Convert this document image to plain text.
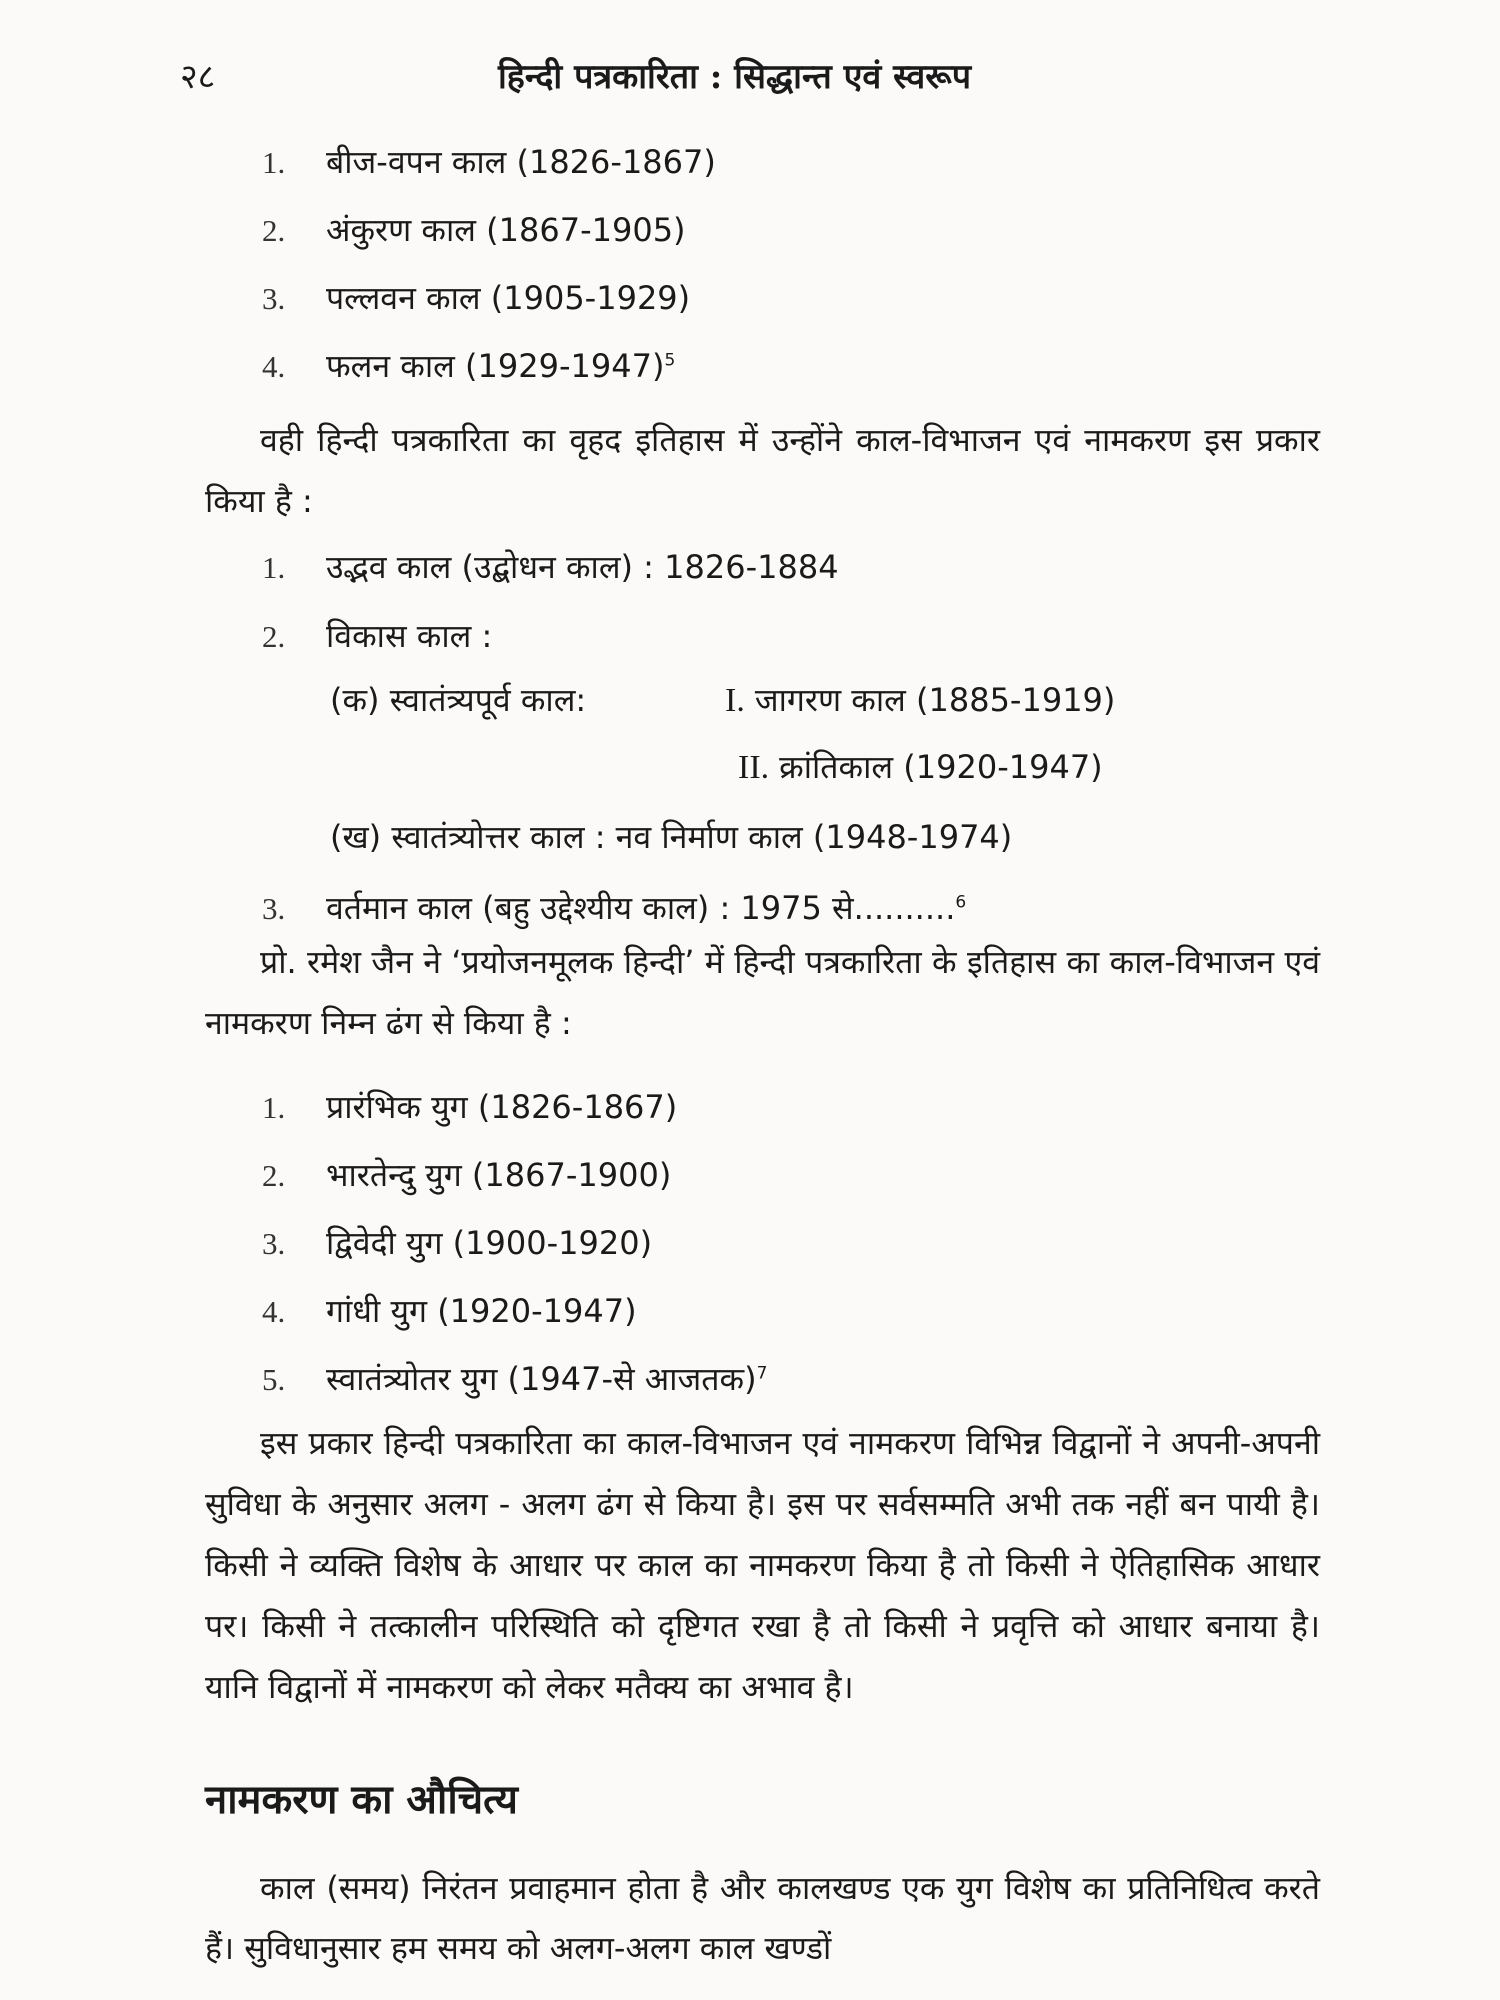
२८	हिन्दी पत्रकारिता : सिद्धान्त एवं स्वरूप
1. बीज-वपन काल (1826-1867)
2. अंकुरण काल (1867-1905)
3. पल्लवन काल (1905-1929)
4. फलन काल (1929-1947)$^5$
वही हिन्दी पत्रकारिता का वृहद इतिहास में उन्होंने काल-विभाजन एवं नामकरण इस प्रकार किया है :
1. उद्भव काल (उद्बोधन काल) : 1826-1884
2. विकास काल :
(क) स्वातंत्र्यपूर्व काल:	I. जागरण काल (1885-1919)
II. क्रांतिकाल (1920-1947)
(ख) स्वातंत्र्योत्तर काल : नव निर्माण काल (1948-1974)
3. वर्तमान काल (बहु उद्देश्यीय काल) : 1975 से..........$^6$
प्रो. रमेश जैन ने ‘प्रयोजनमूलक हिन्दी’ में हिन्दी पत्रकारिता के इतिहास का काल-विभाजन एवं नामकरण निम्न ढंग से किया है :
1. प्रारंभिक युग (1826-1867)
2. भारतेन्दु युग (1867-1900)
3. द्विवेदी युग (1900-1920)
4. गांधी युग (1920-1947)
5. स्वातंत्र्योतर युग (1947-से आजतक)$^7$
इस प्रकार हिन्दी पत्रकारिता का काल-विभाजन एवं नामकरण विभिन्न विद्वानों ने अपनी-अपनी सुविधा के अनुसार अलग - अलग ढंग से किया है। इस पर सर्वसम्मति अभी तक नहीं बन पायी है। किसी ने व्यक्ति विशेष के आधार पर काल का नामकरण किया है तो किसी ने ऐतिहासिक आधार पर। किसी ने तत्कालीन परिस्थिति को दृष्टिगत रखा है तो किसी ने प्रवृत्ति को आधार बनाया है। यानि विद्वानों में नामकरण को लेकर मतैक्य का अभाव है।
नामकरण का औचित्य
काल (समय) निरंतन प्रवाहमान होता है और कालखण्ड एक युग विशेष का प्रतिनिधित्व करते हैं। सुविधानुसार हम समय को अलग-अलग काल खण्डों
